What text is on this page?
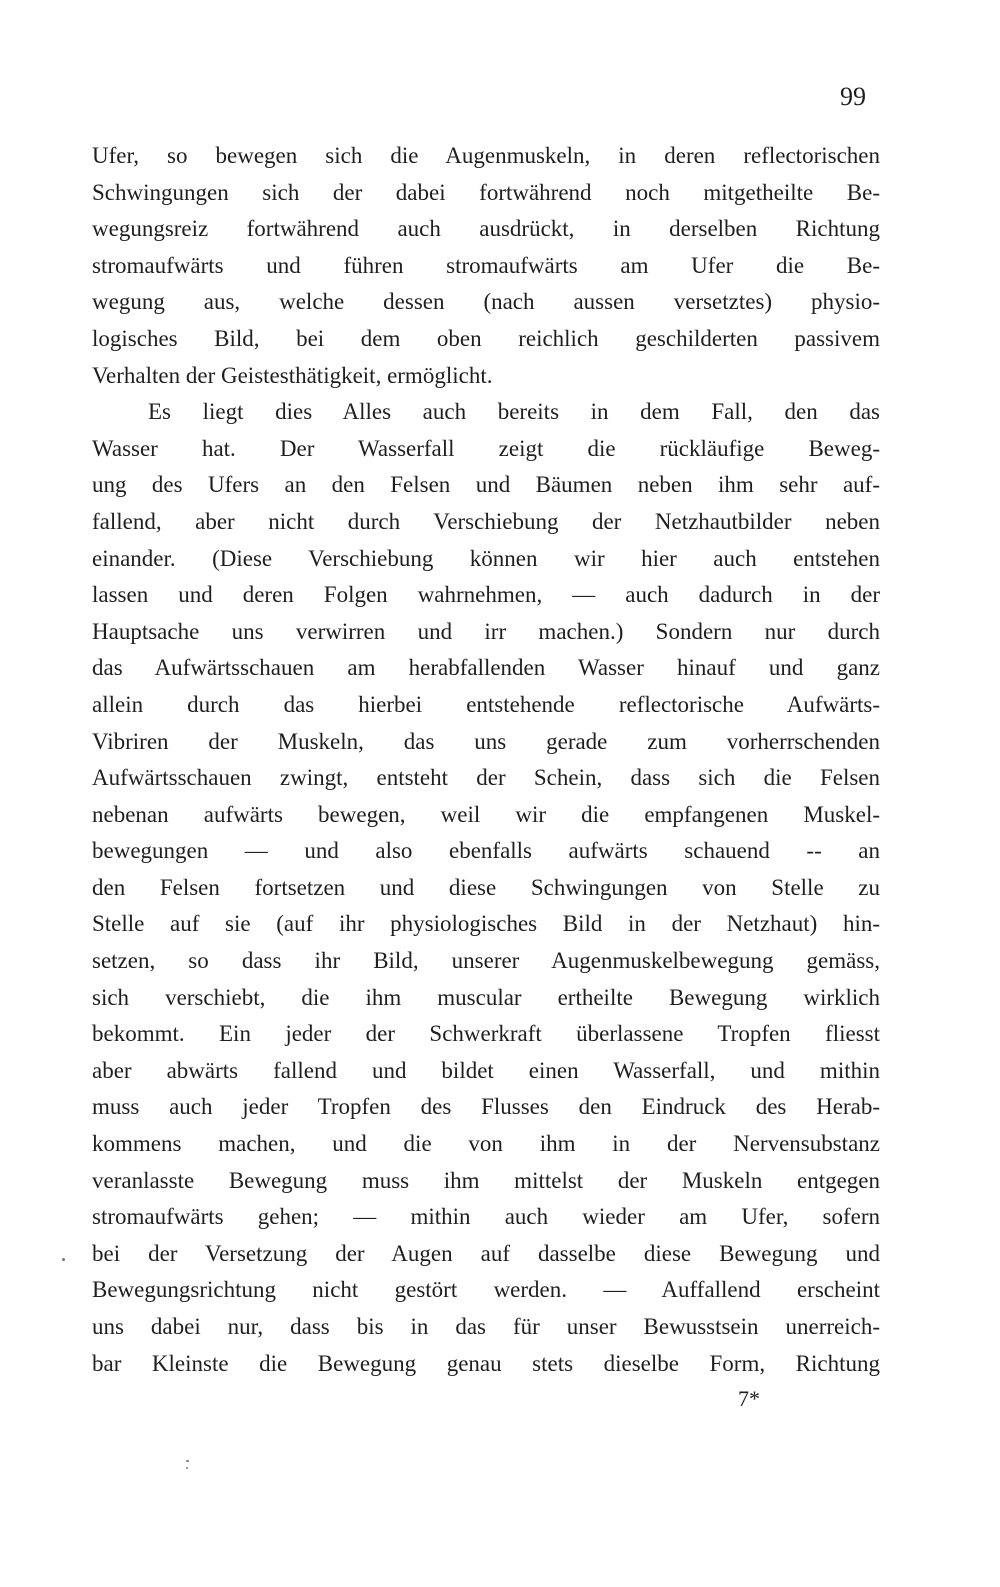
99
Ufer, so bewegen sich die Augenmuskeln, in deren reflectorischen
Schwingungen sich der dabei fortwährend noch mitgetheilte Be-
wegungsreiz fortwährend auch ausdrückt, in derselben Richtung
stromaufwärts und führen stromaufwärts am Ufer die Be-
wegung aus, welche dessen (nach aussen versetztes) physio-
logisches Bild, bei dem oben reichlich geschilderten passivem
Verhalten der Geistesthätigkeit, ermöglicht.
Es liegt dies Alles auch bereits in dem Fall, den das
Wasser hat. Der Wasserfall zeigt die rückläufige Beweg-
ung des Ufers an den Felsen und Bäumen neben ihm sehr auf-
fallend, aber nicht durch Verschiebung der Netzhautbilder neben
einander. (Diese Verschiebung können wir hier auch entstehen
lassen und deren Folgen wahrnehmen, — auch dadurch in der
Hauptsache uns verwirren und irr machen.) Sondern nur durch
das Aufwärtsschauen am herabfallenden Wasser hinauf und ganz
allein durch das hierbei entstehende reflectorische Aufwärts-
Vibriren der Muskeln, das uns gerade zum vorherrschenden
Aufwärtsschauen zwingt, entsteht der Schein, dass sich die Felsen
nebenan aufwärts bewegen, weil wir die empfangenen Muskel-
bewegungen — und also ebenfalls aufwärts schauend -- an
den Felsen fortsetzen und diese Schwingungen von Stelle zu
Stelle auf sie (auf ihr physiologisches Bild in der Netzhaut) hin-
setzen, so dass ihr Bild, unserer Augenmuskelbewegung gemäss,
sich verschiebt, die ihm muscular ertheilte Bewegung wirklich
bekommt. Ein jeder der Schwerkraft überlassene Tropfen fliesst
aber abwärts fallend und bildet einen Wasserfall, und mithin
muss auch jeder Tropfen des Flusses den Eindruck des Herab-
kommens machen, und die von ihm in der Nervensubstanz
veranlasste Bewegung muss ihm mittelst der Muskeln entgegen
stromaufwärts gehen; — mithin auch wieder am Ufer, sofern
bei der Versetzung der Augen auf dasselbe diese Bewegung und
Bewegungsrichtung nicht gestört werden. — Auffallend erscheint
uns dabei nur, dass bis in das für unser Bewusstsein unerreich-
bar Kleinste die Bewegung genau stets dieselbe Form, Richtung
7*
